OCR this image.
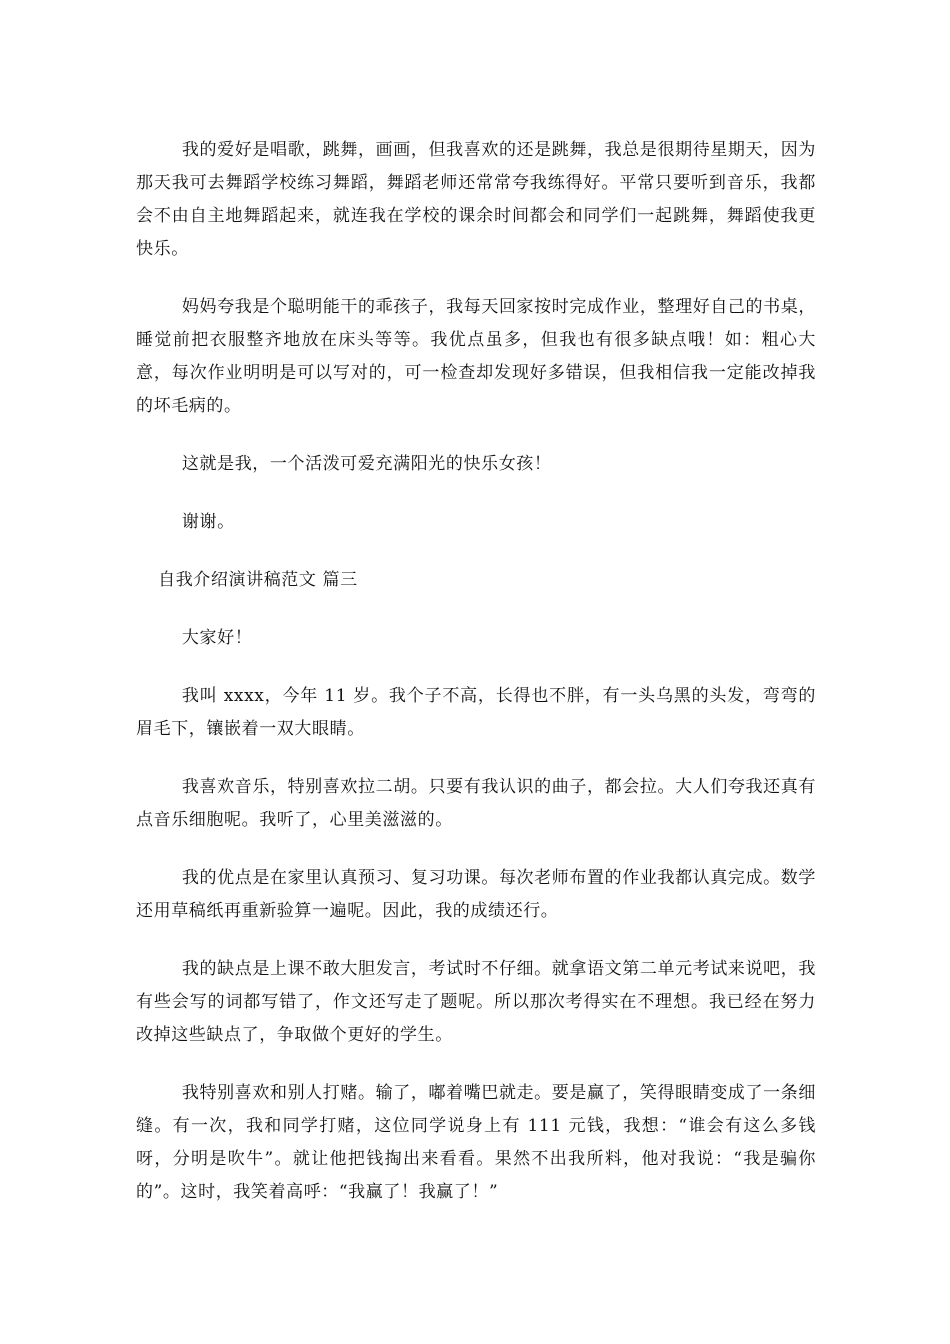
我的爱好是唱歌，跳舞，画画，但我喜欢的还是跳舞，我总是很期待星期天，因为那天我可去舞蹈学校练习舞蹈，舞蹈老师还常常夸我练得好。平常只要听到音乐，我都会不由自主地舞蹈起来，就连我在学校的课余时间都会和同学们一起跳舞，舞蹈使我更快乐。

妈妈夸我是个聪明能干的乖孩子，我每天回家按时完成作业，整理好自己的书桌，睡觉前把衣服整齐地放在床头等等。我优点虽多，但我也有很多缺点哦！如：粗心大意，每次作业明明是可以写对的，可一检查却发现好多错误，但我相信我一定能改掉我的坏毛病的。

这就是我，一个活泼可爱充满阳光的快乐女孩！

谢谢。

自我介绍演讲稿范文 篇三

大家好！

我叫 xxxx，今年 11 岁。我个子不高，长得也不胖，有一头乌黑的头发，弯弯的眉毛下，镶嵌着一双大眼睛。

我喜欢音乐，特别喜欢拉二胡。只要有我认识的曲子，都会拉。大人们夸我还真有点音乐细胞呢。我听了，心里美滋滋的。

我的优点是在家里认真预习、复习功课。每次老师布置的作业我都认真完成。数学还用草稿纸再重新验算一遍呢。因此，我的成绩还行。

我的缺点是上课不敢大胆发言，考试时不仔细。就拿语文第二单元考试来说吧，我有些会写的词都写错了，作文还写走了题呢。所以那次考得实在不理想。我已经在努力改掉这些缺点了，争取做个更好的学生。

我特别喜欢和别人打赌。输了，嘟着嘴巴就走。要是赢了，笑得眼睛变成了一条细缝。有一次，我和同学打赌，这位同学说身上有 111 元钱，我想：“谁会有这么多钱呀，分明是吹牛”。就让他把钱掏出来看看。果然不出我所料，他对我说：“我是骗你的”。这时，我笑着高呼：“我赢了！我赢了！”
